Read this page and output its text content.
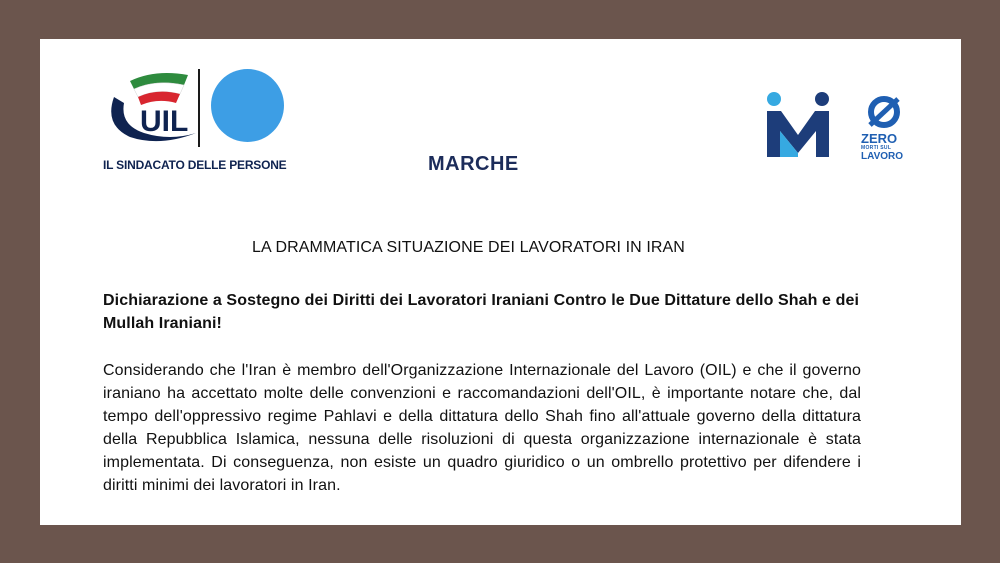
UIL
IL SINDACATO DELLE PERSONE	MARCHE
ZERO
MORTI SUL
LAVORO
LA DRAMMATICA SITUAZIONE DEI LAVORATORI IN IRAN
Dichiarazione a Sostegno dei Diritti dei Lavoratori Iraniani Contro le Due Dittature dello Shah e dei Mullah Iraniani!
Considerando che l'Iran è membro dell'Organizzazione Internazionale del Lavoro (OIL) e che il governo iraniano ha accettato molte delle convenzioni e raccomandazioni dell'OIL, è importante notare che, dal tempo dell'oppressivo regime Pahlavi e della dittatura dello Shah fino all'attuale governo della dittatura della Repubblica Islamica, nessuna delle risoluzioni di questa organizzazione internazionale è stata implementata. Di conseguenza, non esiste un quadro giuridico o un ombrello protettivo per difendere i diritti minimi dei lavoratori in Iran.
